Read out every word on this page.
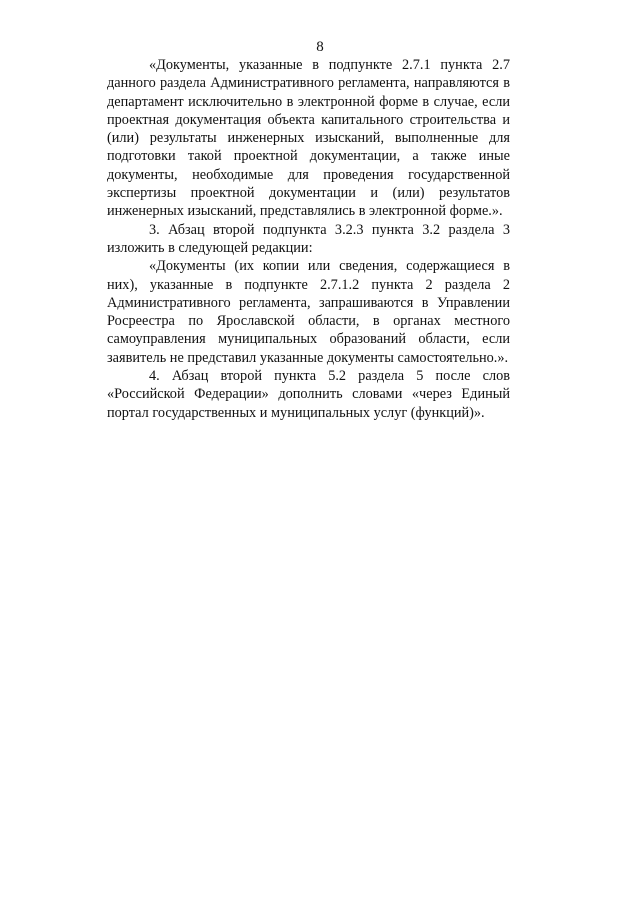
8

«Документы, указанные в подпункте 2.7.1 пункта 2.7 данного раздела Административного регламента, направляются в департамент исключительно в электронной форме в случае, если проектная документация объекта капитального строительства и (или) результаты инженерных изысканий, выполненные для подготовки такой проектной документации, а также иные документы, необходимые для проведения государственной экспертизы проектной документации и (или) результатов инженерных изысканий, представлялись в электронной форме.».

3. Абзац второй подпункта 3.2.3 пункта 3.2 раздела 3 изложить в следующей редакции:

«Документы (их копии или сведения, содержащиеся в них), указанные в подпункте 2.7.1.2 пункта 2 раздела 2 Административного регламента, запрашиваются в Управлении Росреестра по Ярославской области, в органах местного самоуправления муниципальных образований области, если заявитель не представил указанные документы самостоятельно.».

4. Абзац второй пункта 5.2 раздела 5 после слов «Российской Федерации» дополнить словами «через Единый портал государственных и муниципальных услуг (функций)».
